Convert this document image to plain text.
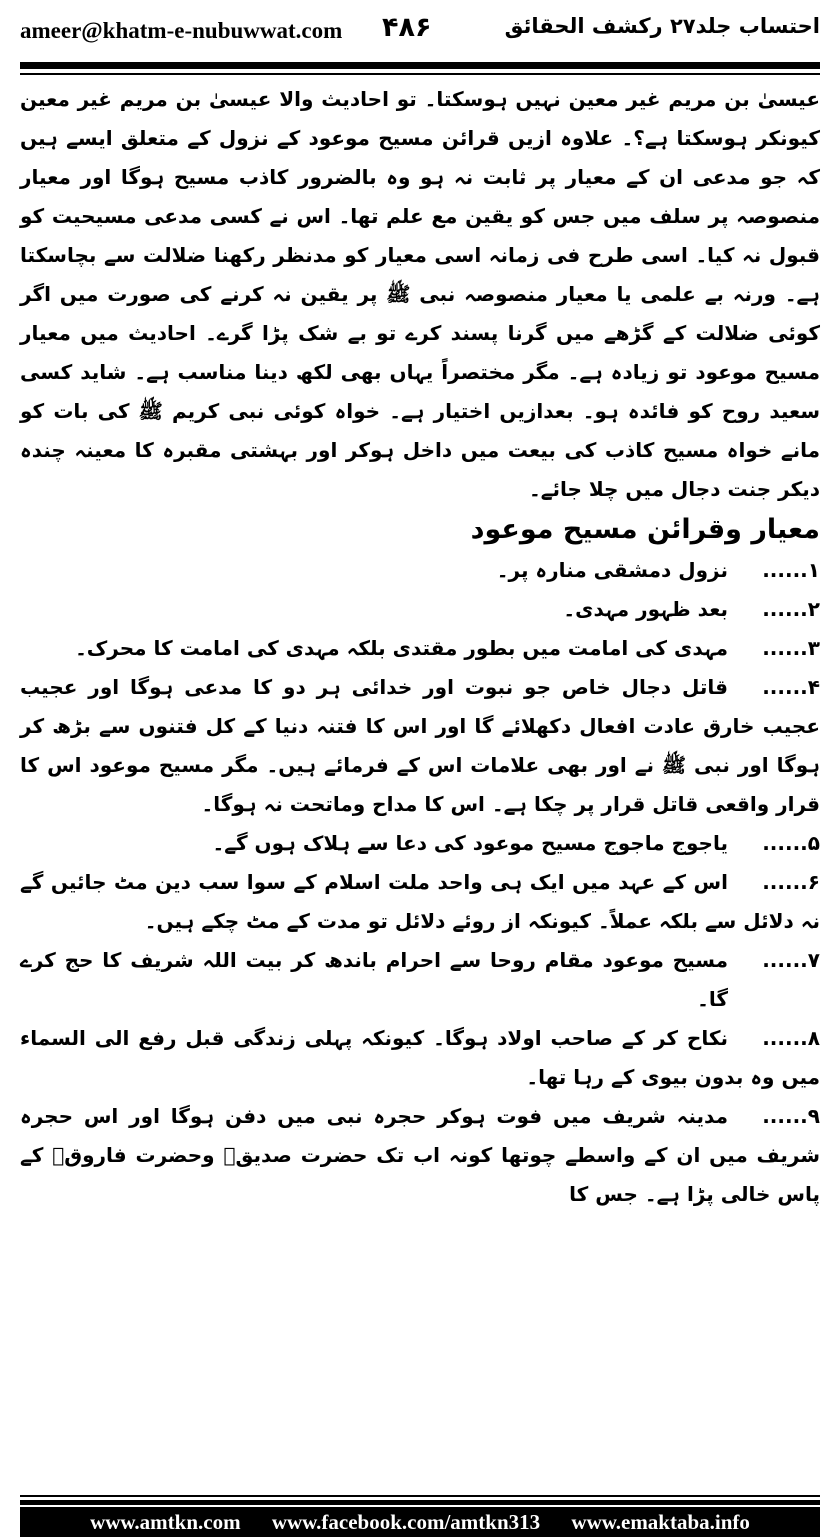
ameer@khatm-e-nubuwwat.com ۴۸۶	احتساب جلد۲۷ رکشف الحقائق

عیسیٰ بن مریم غیر معین نہیں ہوسکتا۔ تو احادیث والا عیسیٰ بن مریم غیر معین کیونکر ہوسکتا ہے؟۔ علاوہ ازیں قرائن مسیح موعود کے نزول کے متعلق ایسے ہیں کہ جو مدعی ان کے معیار پر ثابت نہ ہو وہ بالضرور کاذب مسیح ہوگا اور معیار منصوصہ پر سلف میں جس کو یقین مع علم تھا۔ اس نے کسی مدعی مسیحیت کو قبول نہ کیا۔ اسی طرح فی زمانہ اسی معیار کو مدنظر رکھنا ضلالت سے بچاسکتا ہے۔ ورنہ بے علمی یا معیار منصوصہ نبی ﷺ پر یقین نہ کرنے کی صورت میں اگر کوئی ضلالت کے گڑھے میں گرنا پسند کرے تو بے شک پڑا گرے۔ احادیث میں معیار مسیح موعود تو زیادہ ہے۔ مگر مختصراً یہاں بھی لکھ دینا مناسب ہے۔ شاید کسی سعید روح کو فائدہ ہو۔ بعدازیں اختیار ہے۔ خواہ کوئی نبی کریم ﷺ کی بات کو مانے خواہ مسیح کاذب کی بیعت میں داخل ہوکر اور بہشتی مقبرہ کا معینہ چندہ دیکر جنت دجال میں چلا جائے۔

معیار وقرائن مسیح موعود

۱......
نزول دمشقی منارہ پر۔

۲......
بعد ظہور مہدی۔

۳......
مہدی کی امامت میں بطور مقتدی بلکہ مہدی کی امامت کا محرک۔

۴......قاتل دجال خاص جو نبوت اور خدائی ہر دو کا مدعی ہوگا اور عجیب عجیب خارق عادت افعال دکھلائے گا اور اس کا فتنہ دنیا کے کل فتنوں سے بڑھ کر ہوگا اور نبی ﷺ نے اور بھی علامات اس کے فرمائے ہیں۔ مگر مسیح موعود اس کا قرار واقعی قاتل قرار پر چکا ہے۔ اس کا مداح وماتحت نہ ہوگا۔

۵......
یاجوج ماجوج مسیح موعود کی دعا سے ہلاک ہوں گے۔

۶......اس کے عہد میں ایک ہی واحد ملت اسلام کے سوا سب دین مٹ جائیں گے نہ دلائل سے بلکہ عملاً۔ کیونکہ از روئے دلائل تو مدت کے مٹ چکے ہیں۔

۷......
مسیح موعود مقام روحا سے احرام باندھ کر بیت اللہ شریف کا حج کرے گا۔

۸......نکاح کر کے صاحب اولاد ہوگا۔ کیونکہ پہلی زندگی قبل رفع الی السماء میں وہ بدون بیوی کے رہا تھا۔

۹......مدینہ شریف میں فوت ہوکر حجرہ نبی میں دفن ہوگا اور اس حجرہ شریف میں ان کے واسطے چوتھا کونہ اب تک حضرت صدیقؓ وحضرت فاروقؓ کے پاس خالی پڑا ہے۔ جس کا

www.amtkn.com www.facebook.com/amtkn313 www.emaktaba.info
